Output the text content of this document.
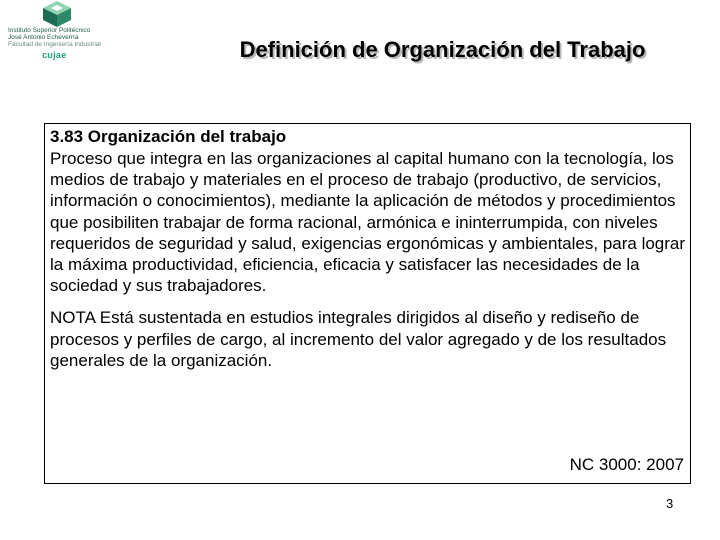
Instituto Superior Politécnico
José Antonio Echeverría
Facultad de Ingeniería Industrial
cujae	Definición de Organización del Trabajo
3.83 Organización del trabajo
Proceso que integra en las organizaciones al capital humano con la tecnología, los medios de trabajo y materiales en el proceso de trabajo (productivo, de servicios, información o conocimientos), mediante la aplicación de métodos y procedimientos que posibiliten trabajar de forma racional, armónica e ininterrumpida, con niveles requeridos de seguridad y salud, exigencias ergonómicas y ambientales, para lograr la máxima productividad, eficiencia, eficacia y satisfacer las necesidades de la sociedad y sus trabajadores.
NOTA Está sustentada en estudios integrales dirigidos al diseño y rediseño de procesos y perfiles de cargo, al incremento del valor agregado y de los resultados generales de la organización.
NC 3000: 2007
3
